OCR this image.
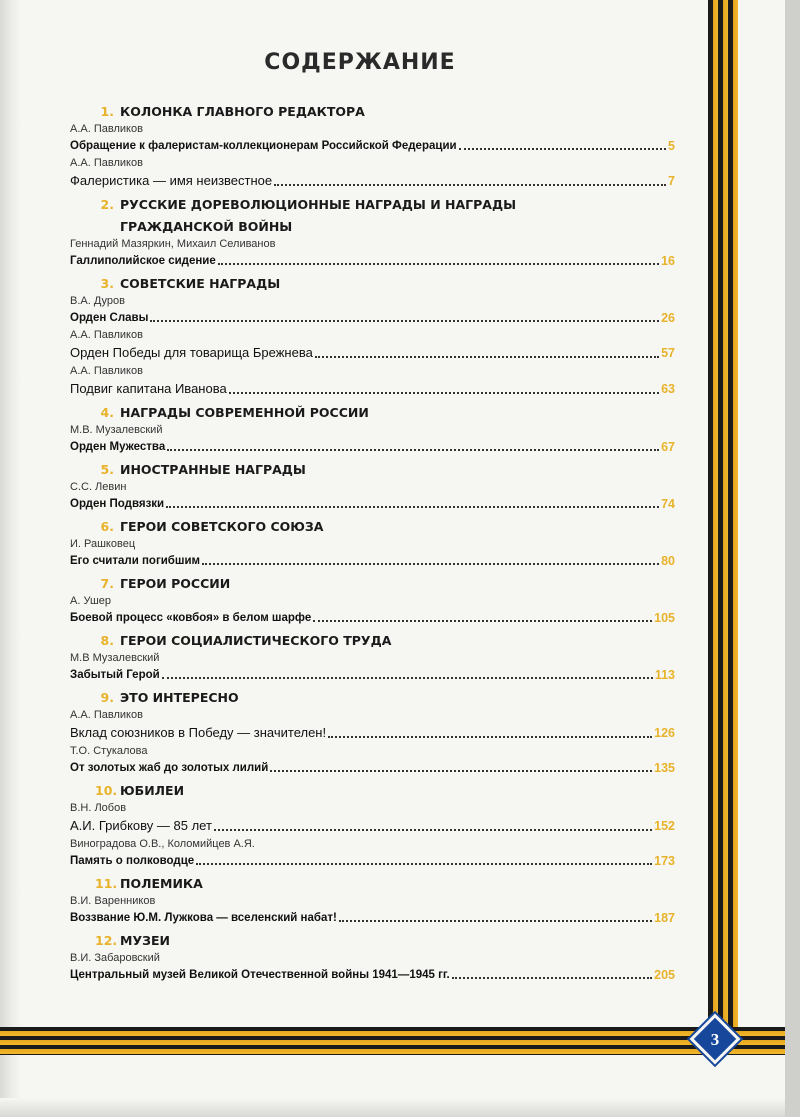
3
СОДЕРЖАНИЕ
1. КОЛОНКА ГЛАВНОГО РЕДАКТОРА
А.А. Павликов
Обращение к фалеристам-коллекционерам Российской Федерации	5
А.А. Павликов
Фалеристика — имя неизвестное	7
2. РУССКИЕ ДОРЕВОЛЮЦИОННЫЕ НАГРАДЫ И НАГРАДЫ
ГРАЖДАНСКОЙ ВОЙНЫ
Геннадий Мазяркин, Михаил Селиванов
Галлиполийское сидение	16
3. СОВЕТСКИЕ НАГРАДЫ
В.А. Дуров
Орден Славы	26
А.А. Павликов
Орден Победы для товарища Брежнева	57
А.А. Павликов
Подвиг капитана Иванова	63
4. НАГРАДЫ СОВРЕМЕННОЙ РОССИИ
М.В. Музалевский
Орден Мужества	67
5. ИНОСТРАННЫЕ НАГРАДЫ
С.С. Левин
Орден Подвязки	74
6. ГЕРОИ СОВЕТСКОГО СОЮЗА
И. Рашковец
Его считали погибшим	80
7. ГЕРОИ РОССИИ
А. Ушер
Боевой процесс «ковбоя» в белом шарфе	105
8. ГЕРОИ СОЦИАЛИСТИЧЕСКОГО ТРУДА
М.В Музалевский
Забытый Герой	113
9. ЭТО ИНТЕРЕСНО
А.А. Павликов
Вклад союзников в Победу — значителен!	126
Т.О. Стукалова
От золотых жаб до золотых лилий	135
10. ЮБИЛЕИ
В.Н. Лобов
А.И. Грибкову — 85 лет	152
Виноградова О.В., Коломийцев А.Я.
Память о полководце	173
11. ПОЛЕМИКА
В.И. Варенников
Воззвание Ю.М. Лужкова — вселенский набат!	187
12. МУЗЕИ
В.И. Забаровский
Центральный музей Великой Отечественной войны 1941—1945 гг.	205
